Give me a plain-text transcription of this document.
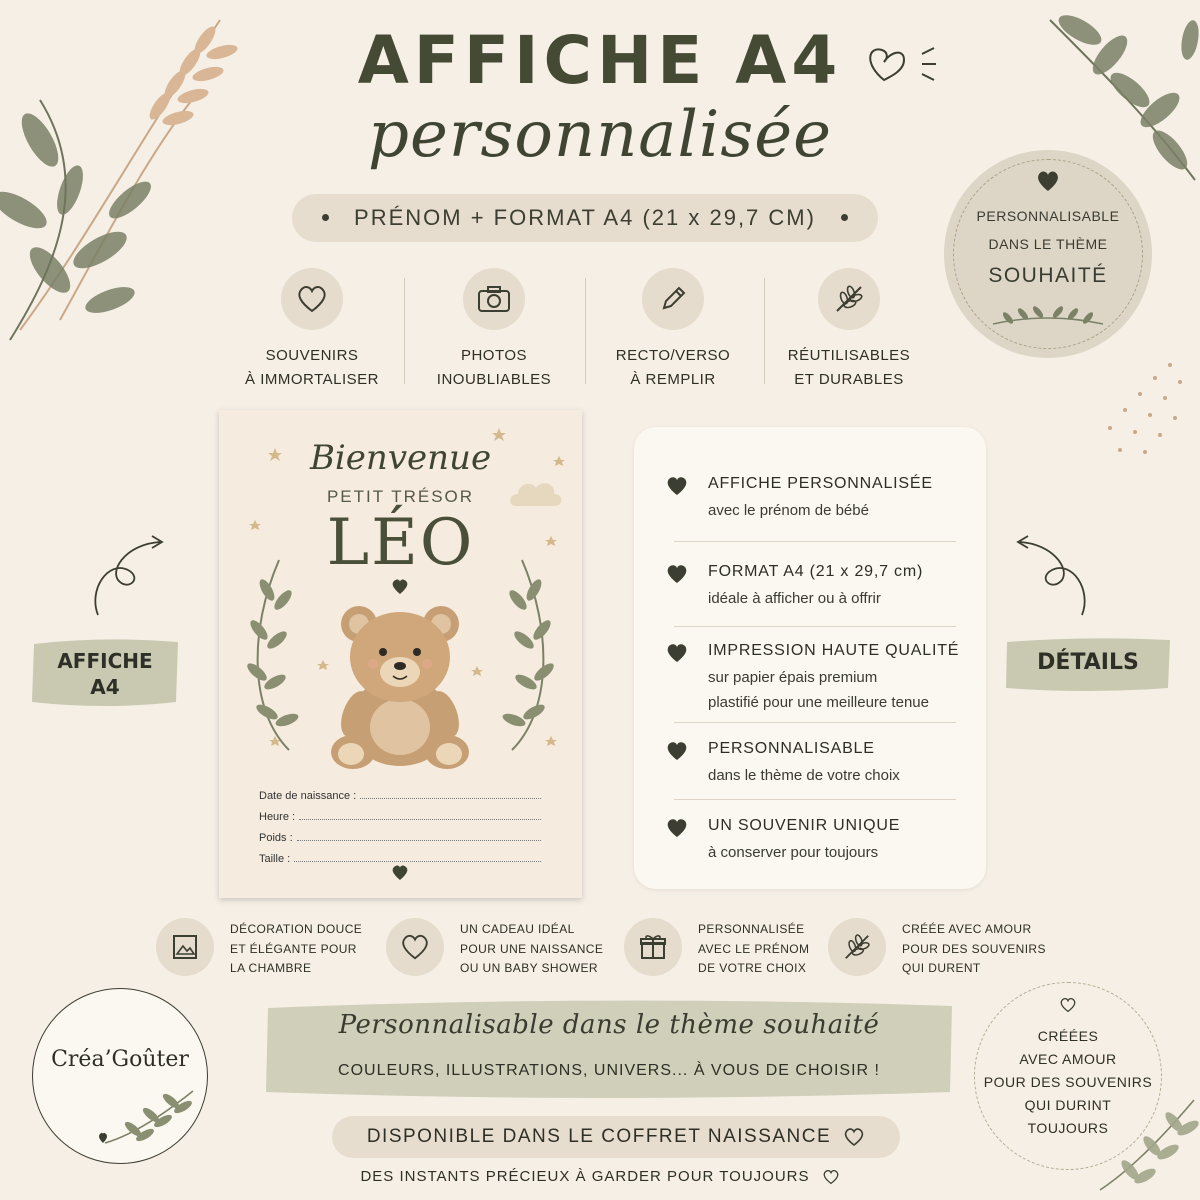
AFFICHE A4
personnalisée
PRÉNOM + FORMAT A4 (21 x 29,7 CM)	PERSONNALISABLE
DANS LE THÈME
SOUHAITÉ
SOUVENIRS
À IMMORTALISER
PHOTOS
INOUBLIABLES
RECTO/VERSO
À REMPLIR
RÉUTILISABLES
ET DURABLES
AFFICHE
A4
DÉTAILS
Bienvenue
PETIT TRÉSOR
LÉO
Date de naissance :
Heure :
Poids :
Taille :
AFFICHE PERSONNALISÉE
avec le prénom de bébé
FORMAT A4 (21 x 29,7 cm)
idéale à afficher ou à offrir
IMPRESSION HAUTE QUALITÉ
sur papier épais premium
plastifié pour une meilleure tenue
PERSONNALISABLE
dans le thème de votre choix
UN SOUVENIR UNIQUE
à conserver pour toujours
DÉCORATION DOUCE
ET ÉLÉGANTE POUR
LA CHAMBRE
UN CADEAU IDÉAL
POUR UNE NAISSANCE
OU UN BABY SHOWER
PERSONNALISÉE
AVEC LE PRÉNOM
DE VOTRE CHOIX
CRÉÉE AVEC AMOUR
POUR DES SOUVENIRS
QUI DURENT
Créa’Goûter
Personnalisable dans le thème souhaité
COULEURS, ILLUSTRATIONS, UNIVERS... À VOUS DE CHOISIR !
DISPONIBLE DANS LE COFFRET NAISSANCE
DES INSTANTS PRÉCIEUX À GARDER POUR TOUJOURS
CRÉÉES
AVEC AMOUR
POUR DES SOUVENIRS
QUI DURINT
TOUJOURS
